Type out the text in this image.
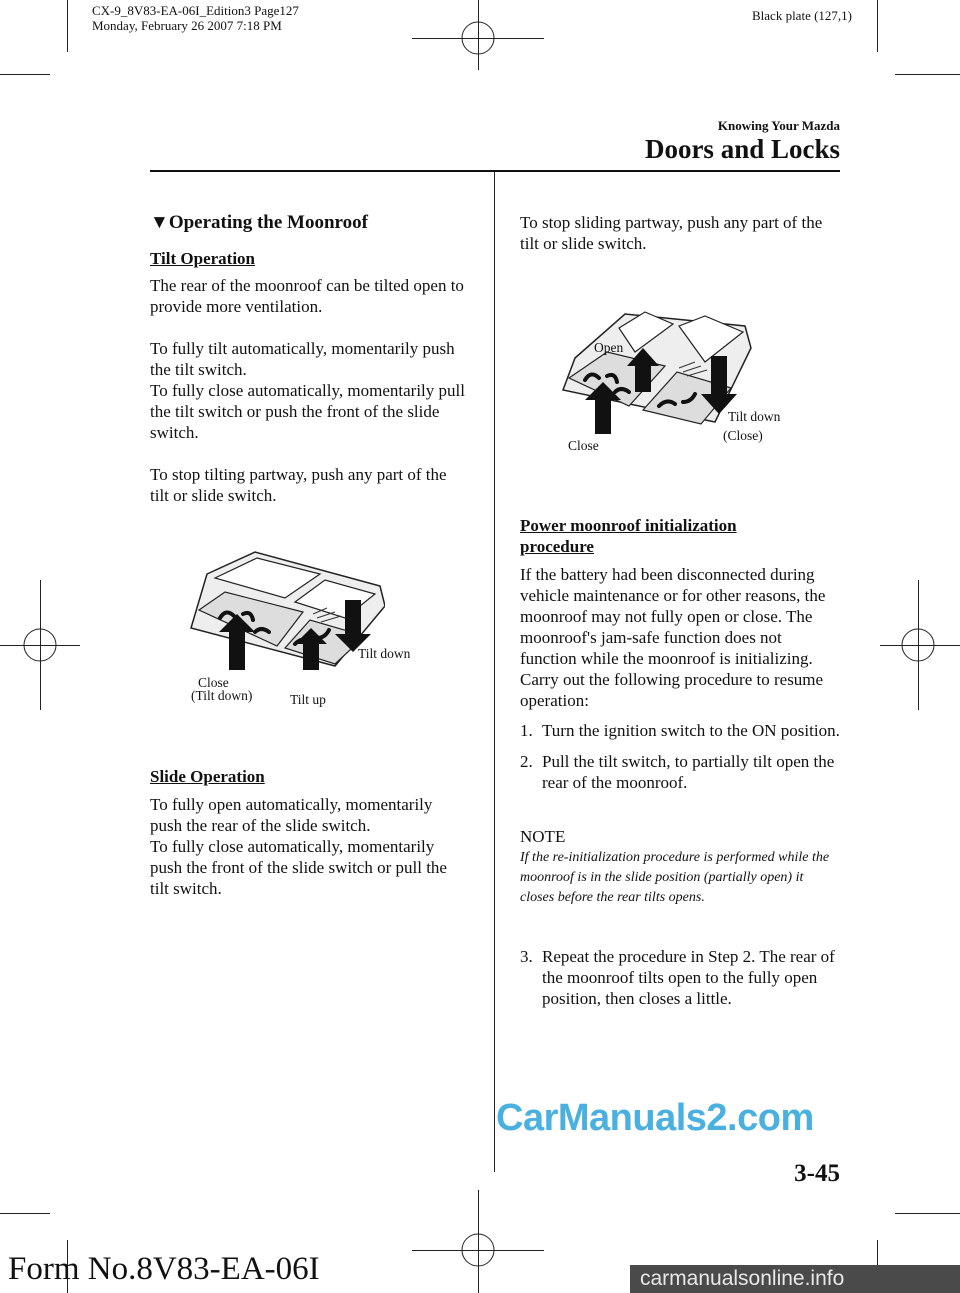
CX-9_8V83-EA-06I_Edition3 Page127
Monday, February 26 2007 7:18 PM
Black plate (127,1)
Knowing Your Mazda
Doors and Locks
▼Operating the Moonroof
Tilt Operation
The rear of the moonroof can be tilted open to provide more ventilation.

To fully tilt automatically, momentarily push the tilt switch.

To fully close automatically, momentarily pull the tilt switch or push the front of the slide switch.

To stop tilting partway, push any part of the tilt or slide switch.
Close
(Tilt down)	Tilt up
Tilt down
Slide Operation

To fully open automatically, momentarily push the rear of the slide switch.

To fully close automatically, momentarily push the front of the slide switch or pull the tilt switch.

To stop sliding partway, push any part of the tilt or slide switch.
Open
Close
Tilt down
(Close)
Power moonroof initialization
procedure
If the battery had been disconnected during vehicle maintenance or for other reasons, the moonroof may not fully open or close. The moonroof's jam-safe function does not function while the moonroof is initializing. Carry out the following procedure to resume operation:
1. Turn the ignition switch to the ON position.
2. Pull the tilt switch, to partially tilt open the rear of the moonroof.
NOTE
If the re-initialization procedure is performed while the moonroof is in the slide position (partially open) it closes before the rear tilts opens.
3. Repeat the procedure in Step 2. The rear of the moonroof tilts open to the fully open position, then closes a little.
CarManuals2.com
3-45
Form No.8V83-EA-06I	carmanualsonline.info
